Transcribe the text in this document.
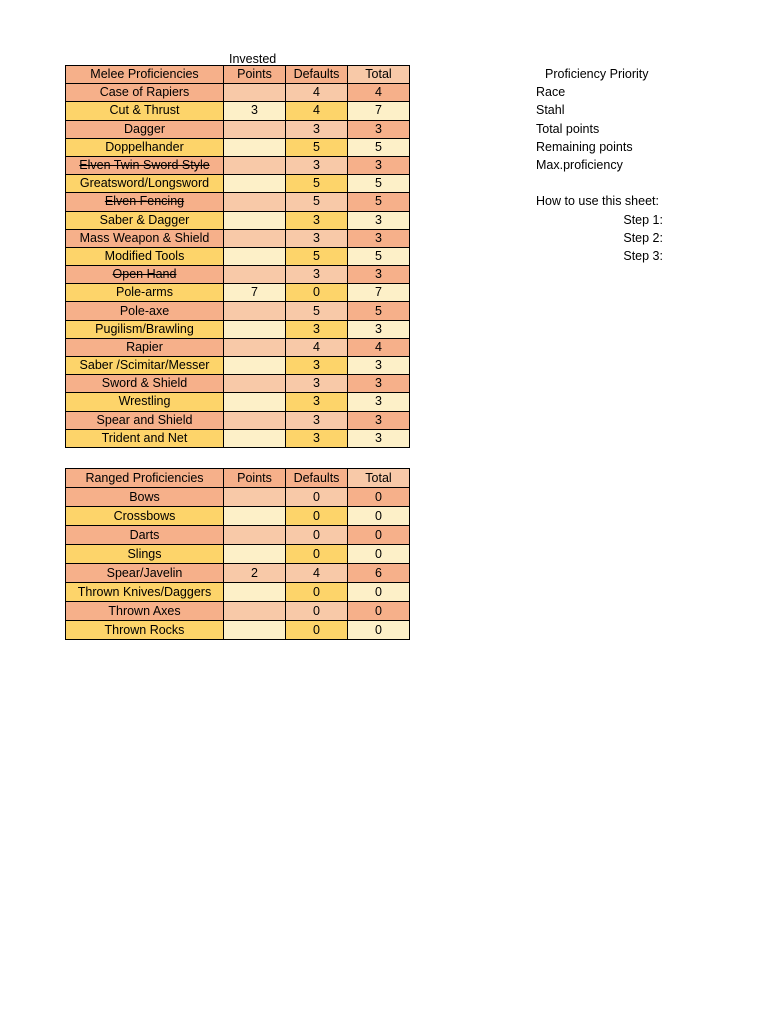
Invested
Melee Proficiencies	Points	Defaults	Total
Case of Rapiers		4	4
Cut & Thrust	3	4	7
Dagger		3	3
Doppelhander		5	5
Elven Twin Sword Style		3	3
Greatsword/Longsword		5	5
Elven Fencing		5	5
Saber & Dagger		3	3
Mass Weapon & Shield		3	3
Modified Tools		5	5
Open Hand		3	3
Pole-arms	7	0	7
Pole-axe		5	5
Pugilism/Brawling		3	3
Rapier		4	4
Saber /Scimitar/Messer		3	3
Sword & Shield		3	3
Wrestling		3	3
Spear and Shield		3	3
Trident and Net		3	3
Ranged Proficiencies	Points	Defaults	Total
Bows		0	0
Crossbows		0	0
Darts		0	0
Slings		0	0
Spear/Javelin	2	4	6
Thrown Knives/Daggers		0	0
Thrown Axes		0	0
Thrown Rocks		0	0
Proficiency Priority
Race
Stahl
Total points
Remaining points
Max.proficiency
How to use this sheet:
Step 1:
Step 2:
Step 3:
